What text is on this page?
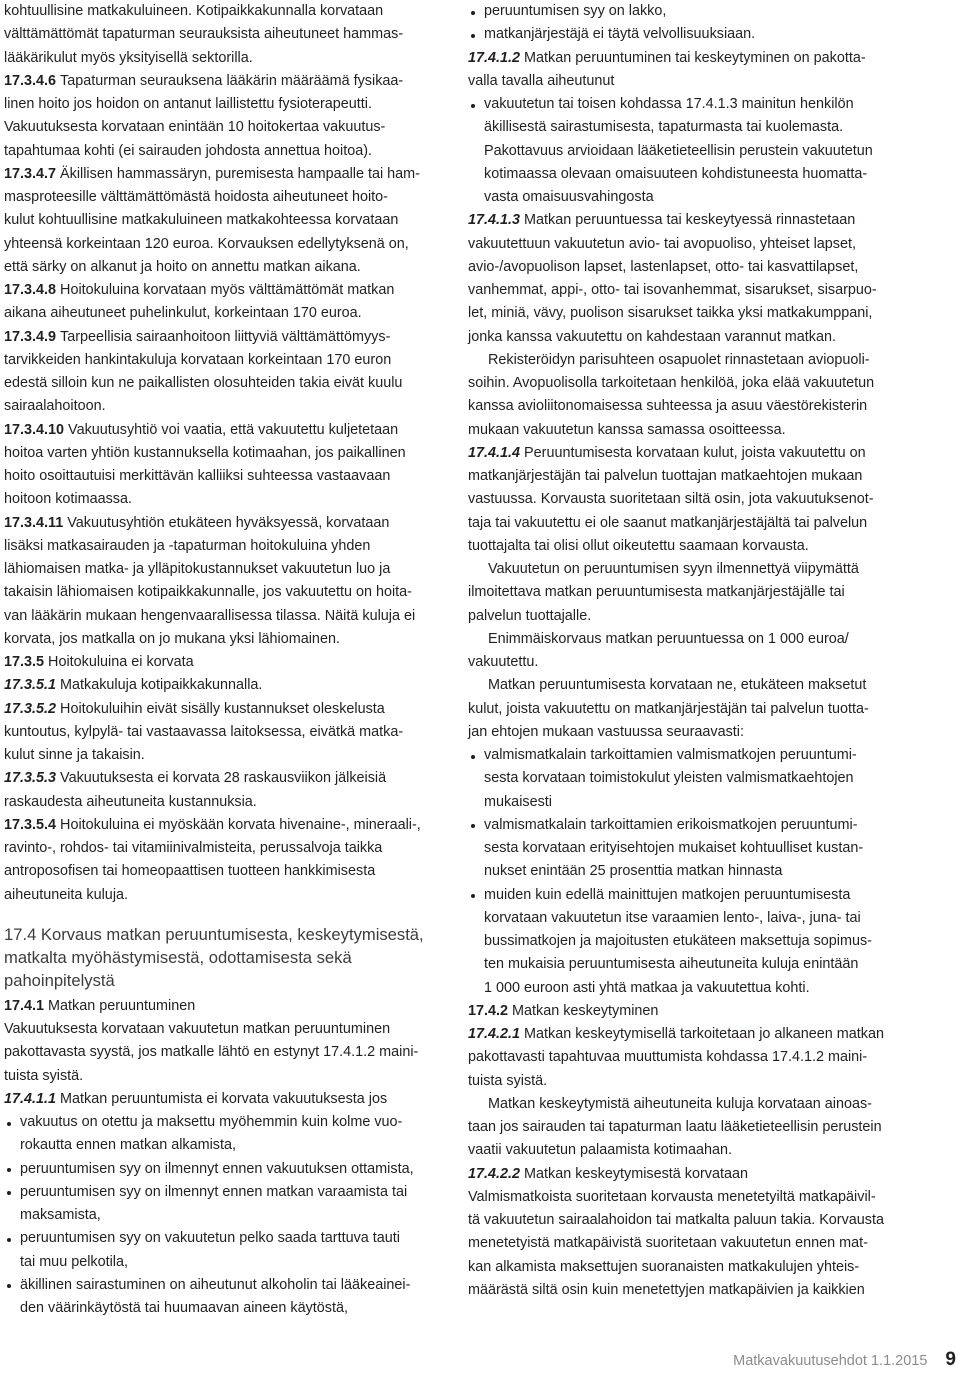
kohtuullisine matkakuluineen. Kotipaikkakunnalla korvataan
välttämättömät tapaturman seurauksista aiheutuneet hammas-
lääkärikulut myös yksityisellä sektorilla.
17.3.4.6 Tapaturman seurauksena lääkärin määräämä fysikaa-
linen hoito jos hoidon on antanut laillistettu fysioterapeutti.
Vakuutuksesta korvataan enintään 10 hoitokertaa vakuutus-
tapahtumaa kohti (ei sairauden johdosta annettua hoitoa).
17.3.4.7 Äkillisen hammassäryn, puremisesta hampaalle tai ham-
masproteesille välttämättömästä hoidosta aiheutuneet hoito-
kulut kohtuullisine matkakuluineen matkakohteessa korvataan
yhteensä korkeintaan 120 euroa. Korvauksen edellytyksenä on,
että särky on alkanut ja hoito on annettu matkan aikana.
17.3.4.8 Hoitokuluina korvataan myös välttämättömät matkan
aikana aiheutuneet puhelinkulut, korkeintaan 170 euroa.
17.3.4.9 Tarpeellisia sairaanhoitoon liittyviä välttämättömyys-
tarvikkeiden hankintakuluja korvataan korkeintaan 170 euron
edestä silloin kun ne paikallisten olosuhteiden takia eivät kuulu
sairaalahoitoon.
17.3.4.10 Vakuutusyhtiö voi vaatia, että vakuutettu kuljetetaan
hoitoa varten yhtiön kustannuksella kotimaahan, jos paikallinen
hoito osoittautuisi merkittävän kalliiksi suhteessa vastaavaan
hoitoon kotimaassa.
17.3.4.11 Vakuutusyhtiön etukäteen hyväksyessä, korvataan
lisäksi matkasairauden ja -tapaturman hoitokuluina yhden
lähiomaisen matka- ja ylläpitokustannukset vakuutetun luo ja
takaisin lähiomaisen kotipaikkakunnalle, jos vakuutettu on hoita-
van lääkärin mukaan hengenvaarallisessa tilassa. Näitä kuluja ei
korvata, jos matkalla on jo mukana yksi lähiomainen.
17.3.5 Hoitokuluina ei korvata
17.3.5.1 Matkakuluja kotipaikkakunnalla.
17.3.5.2 Hoitokuluihin eivät sisälly kustannukset oleskelusta
kuntoutus, kylpylä- tai vastaavassa laitoksessa, eivätkä matka-
kulut sinne ja takaisin.
17.3.5.3 Vakuutuksesta ei korvata 28 raskausviikon jälkeisiä
raskaudesta aiheutuneita kustannuksia.
17.3.5.4 Hoitokuluina ei myöskään korvata hivenaine-, mineraali-,
ravinto-, rohdos- tai vitamiinivalmisteita, perussalvoja taikka
antroposofisen tai homeopaattisen tuotteen hankkimisesta
aiheutuneita kuluja.
17.4 Korvaus matkan peruuntumisesta, keskeytymisestä,
matkalta myöhästymisestä, odottamisesta sekä
pahoinpitelystä
17.4.1 Matkan peruuntuminen
Vakuutuksesta korvataan vakuutetun matkan peruuntuminen
pakottavasta syystä, jos matkalle lähtö en estynyt 17.4.1.2 maini-
tuista syistä.
17.4.1.1 Matkan peruuntumista ei korvata vakuutuksesta jos
vakuutus on otettu ja maksettu myöhemmin kuin kolme vuo-
rokautta ennen matkan alkamista,
peruuntumisen syy on ilmennyt ennen vakuutuksen ottamista,
peruuntumisen syy on ilmennyt ennen matkan varaamista tai
maksamista,
peruuntumisen syy on vakuutetun pelko saada tarttuva tauti
tai muu pelkotila,
äkillinen sairastuminen on aiheutunut alkoholin tai lääkeainei-
den väärinkäytöstä tai huumaavan aineen käytöstä,
peruuntumisen syy on lakko,
matkanjärjestäjä ei täytä velvollisuuksiaan.
17.4.1.2 Matkan peruuntuminen tai keskeytyminen on pakotta-
valla tavalla aiheutunut
vakuutetun tai toisen kohdassa 17.4.1.3 mainitun henkilön
äkillisestä sairastumisesta, tapaturmasta tai kuolemasta.
Pakottavuus arvioidaan lääketieteellisin perustein vakuutetun
kotimaassa olevaan omaisuuteen kohdistuneesta huomatta-
vasta omaisuusvahingosta
17.4.1.3 Matkan peruuntuessa tai keskeytyessä rinnastetaan
vakuutettuun vakuutetun avio- tai avopuoliso, yhteiset lapset,
avio-/avopuolison lapset, lastenlapset, otto- tai kasvattilapset,
vanhemmat, appi-, otto- tai isovanhemmat, sisarukset, sisarpuo-
let, miniä, vävy, puolison sisarukset taikka yksi matkakumppani,
jonka kanssa vakuutettu on kahdestaan varannut matkan.
Rekisteröidyn parisuhteen osapuolet rinnastetaan aviopuoli-
soihin. Avopuolisolla tarkoitetaan henkilöä, joka elää vakuutetun
kanssa avioliitonomaisessa suhteessa ja asuu väestörekisterin
mukaan vakuutetun kanssa samassa osoitteessa.
17.4.1.4 Peruuntumisesta korvataan kulut, joista vakuutettu on
matkanjärjestäjän tai palvelun tuottajan matkaehtojen mukaan
vastuussa. Korvausta suoritetaan siltä osin, jota vakuutuksenot-
taja tai vakuutettu ei ole saanut matkanjärjestäjältä tai palvelun
tuottajalta tai olisi ollut oikeutettu saamaan korvausta.
Vakuutetun on peruuntumisen syyn ilmennettyä viipymättä
ilmoitettava matkan peruuntumisesta matkanjärjestäjälle tai
palvelun tuottajalle.
Enimmäiskorvaus matkan peruuntuessa on 1 000 euroa/
vakuutettu.
Matkan peruuntumisesta korvataan ne, etukäteen maksetut
kulut, joista vakuutettu on matkanjärjestäjän tai palvelun tuotta-
jan ehtojen mukaan vastuussa seuraavasti:
valmismatkalain tarkoittamien valmismatkojen peruuntumi-
sesta korvataan toimistokulut yleisten valmismatkaehtojen
mukaisesti
valmismatkalain tarkoittamien erikoismatkojen peruuntumi-
sesta korvataan erityisehtojen mukaiset kohtuulliset kustan-
nukset enintään 25 prosenttia matkan hinnasta
muiden kuin edellä mainittujen matkojen peruuntumisesta
korvataan vakuutetun itse varaamien lento-, laiva-, juna- tai
bussimatkojen ja majoitusten etukäteen maksettuja sopimus-
ten mukaisia peruuntumisesta aiheutuneita kuluja enintään
1 000 euroon asti yhtä matkaa ja vakuutettua kohti.
17.4.2 Matkan keskeytyminen
17.4.2.1 Matkan keskeytymisellä tarkoitetaan jo alkaneen matkan
pakottavasti tapahtuvaa muuttumista kohdassa 17.4.1.2 maini-
tuista syistä.
Matkan keskeytymistä aiheutuneita kuluja korvataan ainoas-
taan jos sairauden tai tapaturman laatu lääketieteellisin perustein
vaatii vakuutetun palaamista kotimaahan.
17.4.2.2 Matkan keskeytymisestä korvataan
Valmismatkoista suoritetaan korvausta menetetyiltä matkapäivil-
tä vakuutetun sairaalahoidon tai matkalta paluun takia. Korvausta
menetetyistä matkapäivistä suoritetaan vakuutetun ennen mat-
kan alkamista maksettujen suoranaisten matkakulujen yhteis-
määrästä siltä osin kuin menetettyjen matkapäivien ja kaikkien
Matkavakuutusehdot 1.1.2015 9
